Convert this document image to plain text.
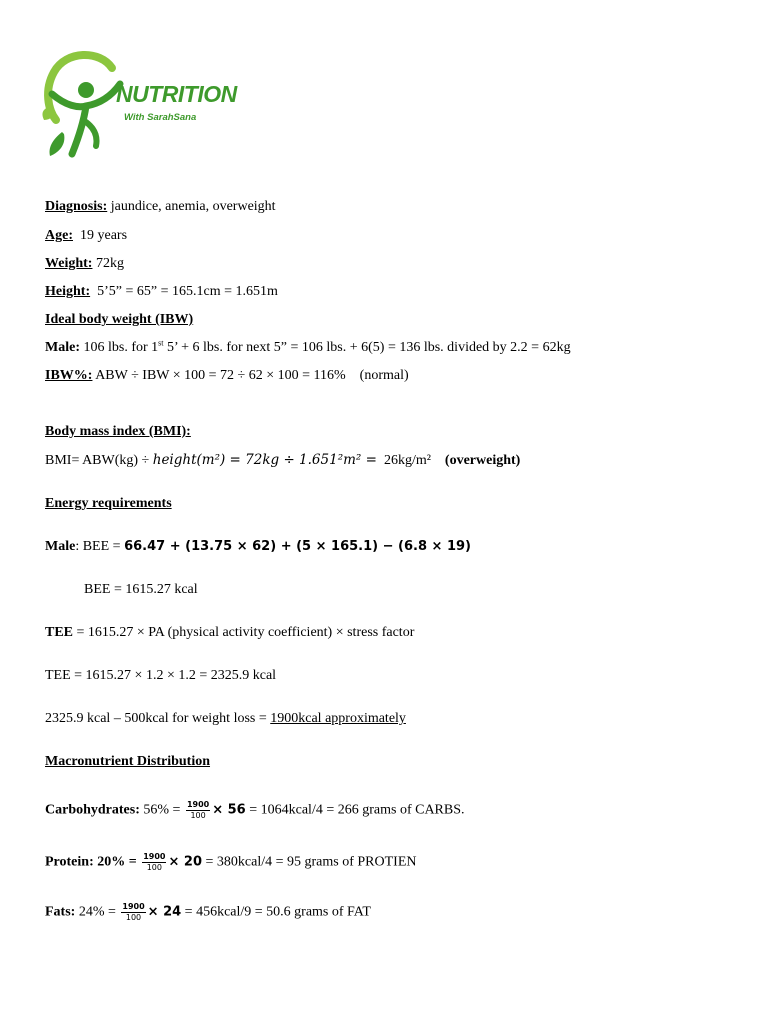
NUTRITION
With SarahSana
Diagnosis: jaundice, anemia, overweight
Age: 19 years
Weight: 72kg
Height: 5’5” = 65” = 165.1cm = 1.651m
Ideal body weight (IBW)
Male: 106 lbs. for 1st 5’ + 6 lbs. for next 5” = 106 lbs. + 6(5) = 136 lbs. divided by 2.2 = 62kg
IBW%: ABW ÷ IBW × 100 = 72 ÷ 62 × 100 = 116% (normal)
Body mass index (BMI):
BMI= ABW(kg) ÷ height(m²) = 72kg ÷ 1.651²m² = 26kg/m² (overweight)
Energy requirements
Male: BEE = 66.47 + (13.75 × 62) + (5 × 165.1) − (6.8 × 19)
BEE = 1615.27 kcal
TEE = 1615.27 × PA (physical activity coefficient) × stress factor
TEE = 1615.27 × 1.2 × 1.2 = 2325.9 kcal
2325.9 kcal – 500kcal for weight loss = 1900kcal approximately
Macronutrient Distribution
Carbohydrates: $56\% = \frac{1900}{100} \times 56$ = 1064kcal/4 = 266 grams of CARBS.
Protein: $20\% = \frac{1900}{100} \times 20$ = 380kcal/4 = 95 grams of PROTIEN
Fats: $24\% = \frac{1900}{100} \times 24$ = 456kcal/9 = 50.6 grams of FAT
